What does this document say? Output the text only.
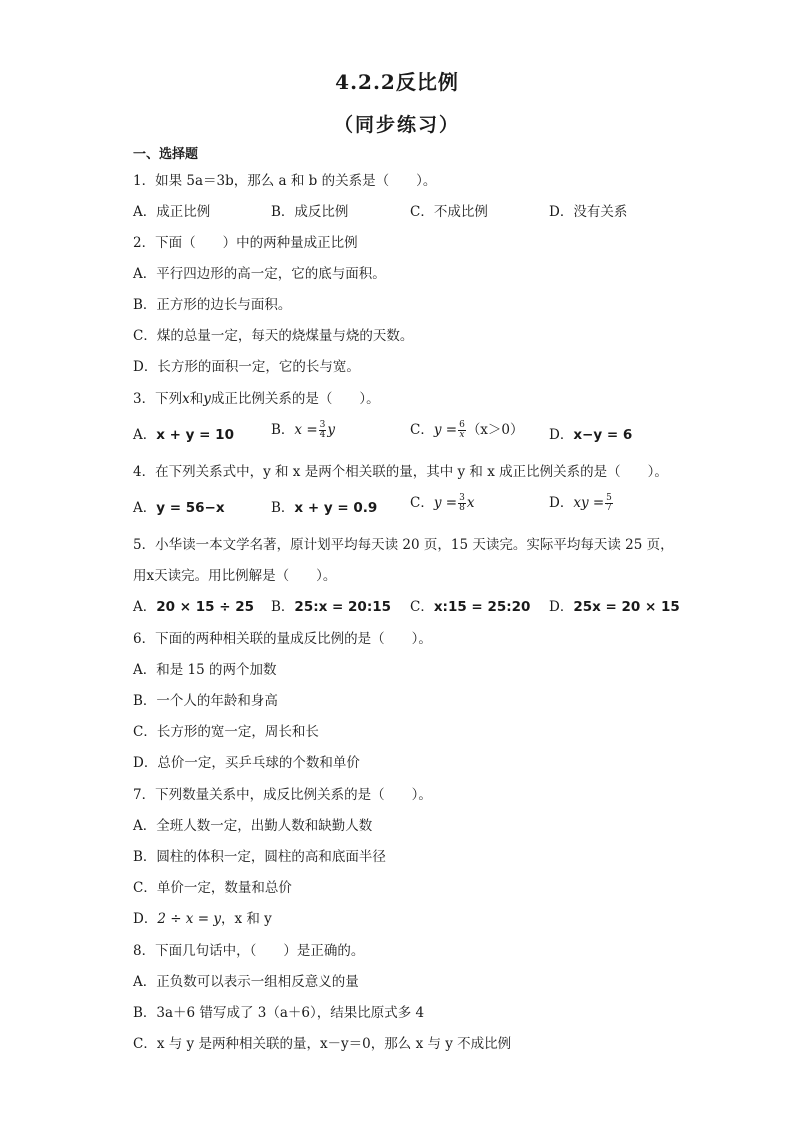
4.2.2反比例
（同步练习）
一、选择题
1．如果 5a＝3b，那么 a 和 b 的关系是（　　）。
A．成正比例	B．成反比例	C．不成比例	D．没有关系
2．下面（　　）中的两种量成正比例
A．平行四边形的高一定，它的底与面积。
B．正方形的边长与面积。
C．煤的总量一定，每天的烧煤量与烧的天数。
D．长方形的面积一定，它的长与宽。
3．下列x和y成正比例关系的是（　　）。
A．x + y = 10	B．$x = \frac{3}{4}$ y	C．$y = \frac{6}{x} (x>0)$ D．x−y = 6
4．在下列关系式中，y 和 x 是两个相关联的量，其中 y 和 x 成正比例关系的是（　　）。
A．y = 56−x	B．x + y = 0.9 C．$y = \frac{3}{8}$ x	D．xy = $\frac{5}{7}$
5．小华读一本文学名著，原计划平均每天读 20 页，15 天读完。实际平均每天读 25 页，
用x天读完。用比例解是（　　）。
A．20 × 15 ÷ 25 B．25:x = 20:15 C．x:15 = 25:20 D．25x = 20 × 15
6．下面的两种相关联的量成反比例的是（　　）。
A．和是 15 的两个加数
B．一个人的年龄和身高
C．长方形的宽一定，周长和长
D．总价一定，买乒乓球的个数和单价
7．下列数量关系中，成反比例关系的是（　　）。
A．全班人数一定，出勤人数和缺勤人数
B．圆柱的体积一定，圆柱的高和底面半径
C．单价一定，数量和总价
D．2 ÷ x = y，x 和 y
8．下面几句话中，（　　）是正确的。
A．正负数可以表示一组相反意义的量
B．3a＋6 错写成了 3（a＋6），结果比原式多 4
C．x 与 y 是两种相关联的量，x－y＝0，那么 x 与 y 不成比例
